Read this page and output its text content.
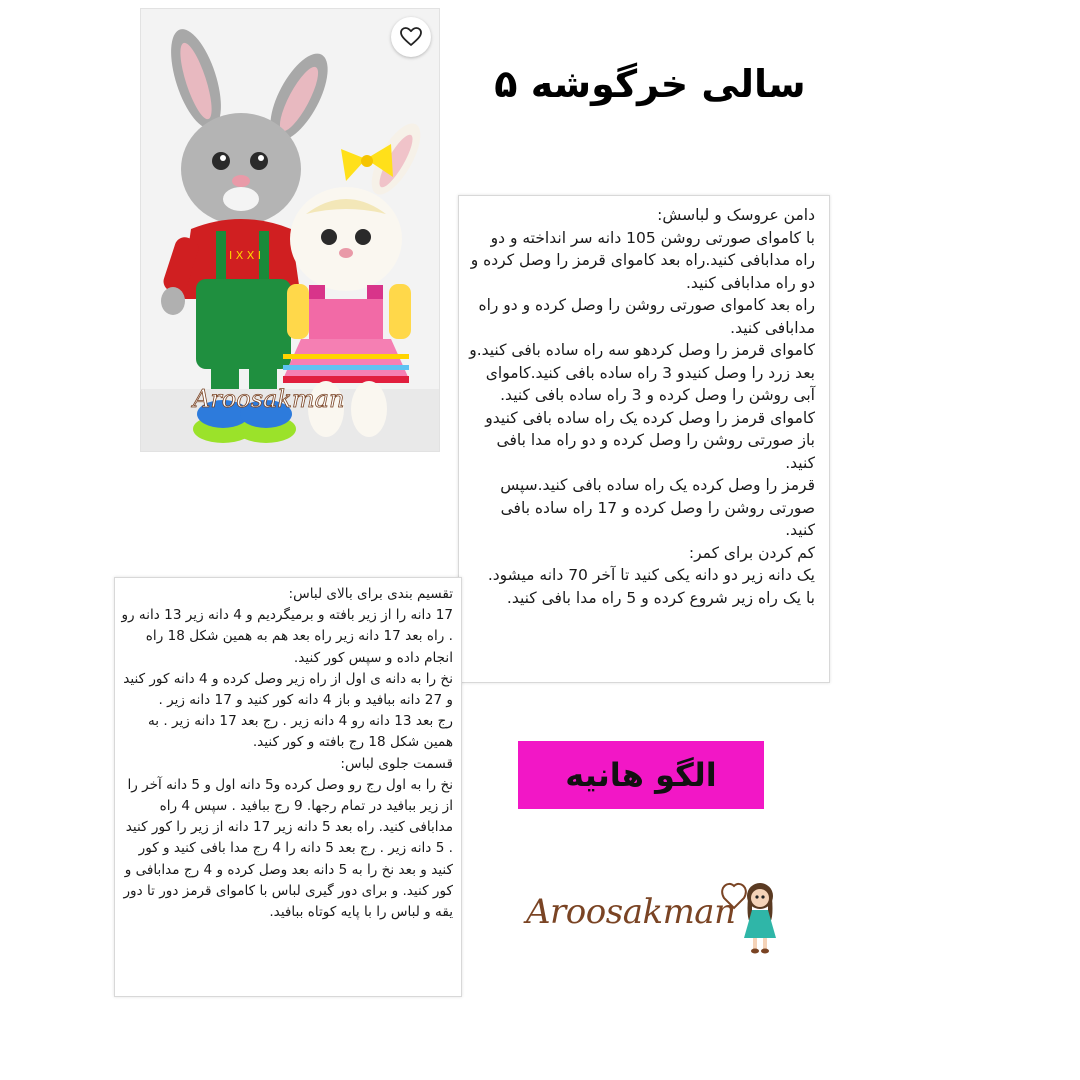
I X X I
Aroosakman
سالی خرگوشه ۵

دامن عروسک و لباسش:

با کاموای صورتی روشن 105 دانه سر انداخته و دو راه مدابافی کنید.راه بعد کاموای قرمز را وصل کرده و دو راه مدابافی کنید.

راه بعد کاموای صورتی روشن را وصل کرده و دو راه مدابافی کنید.

کاموای قرمز را وصل کردهو سه راه ساده بافی کنید.و بعد زرد را وصل کنیدو 3 راه ساده بافی کنید.کاموای آبی روشن را وصل کرده و 3 راه ساده بافی کنید.

کاموای قرمز را وصل کرده یک راه ساده بافی کنیدو باز صورتی روشن را وصل کرده و دو راه مدا بافی کنید.

قرمز را وصل کرده یک راه ساده بافی کنید.سپس صورتی روشن را وصل کرده و 17 راه ساده بافی کنید.

کم کردن برای کمر:

یک دانه زیر دو دانه یکی کنید تا آخر 70 دانه میشود.

با یک راه زیر شروع کرده و 5 راه مدا بافی کنید.

تقسیم بندی برای بالای لباس:

17 دانه را از زیر بافته و برمیگردیم و 4 دانه زیر 13 دانه رو . راه بعد 17 دانه زیر راه بعد هم به همین شکل 18 راه انجام داده و سپس کور کنید.

نخ را به دانه ی اول از راه زیر وصل کرده و 4 دانه کور کنید و 27 دانه ببافید و باز 4 دانه کور کنید و 17 دانه زیر .

رج بعد 13 دانه رو 4 دانه زیر . رج بعد 17 دانه زیر . به همین شکل 18 رج بافته و کور کنید.

قسمت جلوی لباس:

نخ را به اول رج رو وصل کرده و5 دانه اول و 5 دانه آخر را از زیر ببافید در تمام رجها. 9 رج ببافید . سپس 4 راه مدابافی کنید. راه بعد 5 دانه زیر 17 دانه از زیر را کور کنید . 5 دانه زیر . رج بعد 5 دانه را 4 رج مدا بافی کنید و کور کنید و بعد نخ را به 5 دانه بعد وصل کرده و 4 رج مدابافی و کور کنید. و برای دور گیری لباس با کاموای قرمز دور تا دور یقه و لباس را با پایه کوتاه ببافید.

الگو هانیه
Aroosakman
